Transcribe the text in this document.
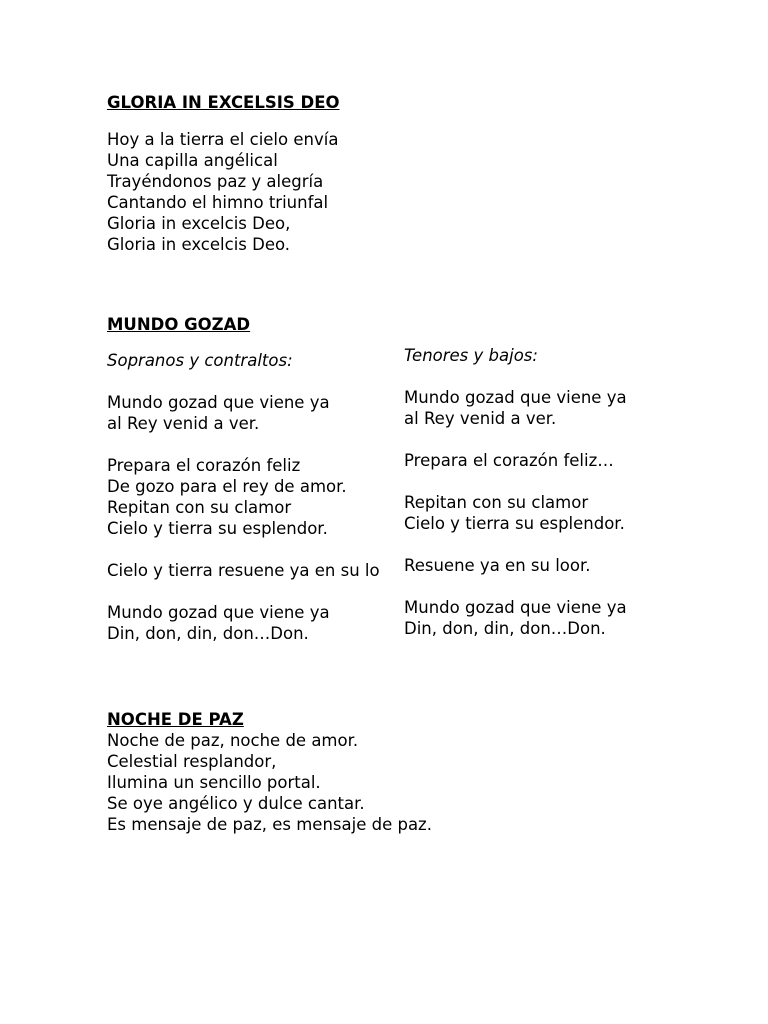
GLORIA IN EXCELSIS DEO
Hoy a la tierra el cielo envía
Una capilla angélical
Trayéndonos paz y alegría
Cantando el himno triunfal
Gloria in excelcis Deo,
Gloria in excelcis Deo.
MUNDO GOZAD
Sopranos y contraltos:
Mundo gozad que viene ya
al Rey venid a ver.
Prepara el corazón feliz
De gozo para el rey de amor.
Repitan con su clamor
Cielo y tierra su esplendor.
Cielo y tierra resuene ya en su lo
Mundo gozad que viene ya
Din, don, din, don…Don.
Tenores y bajos:
Mundo gozad que viene ya
al Rey venid a ver.
Prepara el corazón feliz…
Repitan con su clamor
Cielo y tierra su esplendor.
Resuene ya en su loor.
Mundo gozad que viene ya
Din, don, din, don…Don.
NOCHE DE PAZ
Noche de paz, noche de amor.
Celestial resplandor,
Ilumina un sencillo portal.
Se oye angélico y dulce cantar.
Es mensaje de paz, es mensaje de paz.
